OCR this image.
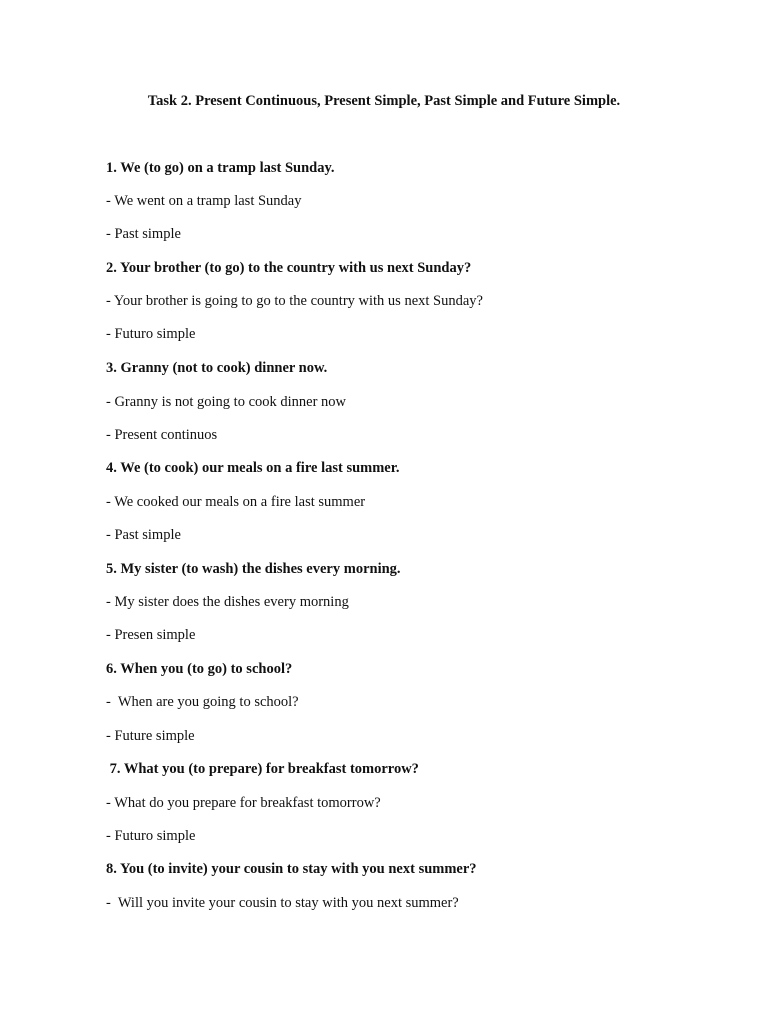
Task 2. Present Continuous, Present Simple, Past Simple and Future Simple.

1. We (to go) on a tramp last Sunday.

- We went on a tramp last Sunday

- Past simple

2. Your brother (to go) to the country with us next Sunday?

- Your brother is going to go to the country with us next Sunday?

- Futuro simple

3. Granny (not to cook) dinner now.

- Granny is not going to cook dinner now

- Present continuos

4. We (to cook) our meals on a fire last summer.

- We cooked our meals on a fire last summer

- Past simple

5. My sister (to wash) the dishes every morning.

- My sister does the dishes every morning

- Presen simple

6. When you (to go) to school?

-  When are you going to school?

- Future simple

7. What you (to prepare) for breakfast tomorrow?

- What do you prepare for breakfast tomorrow?

- Futuro simple

8. You (to invite) your cousin to stay with you next summer?

-  Will you invite your cousin to stay with you next summer?
